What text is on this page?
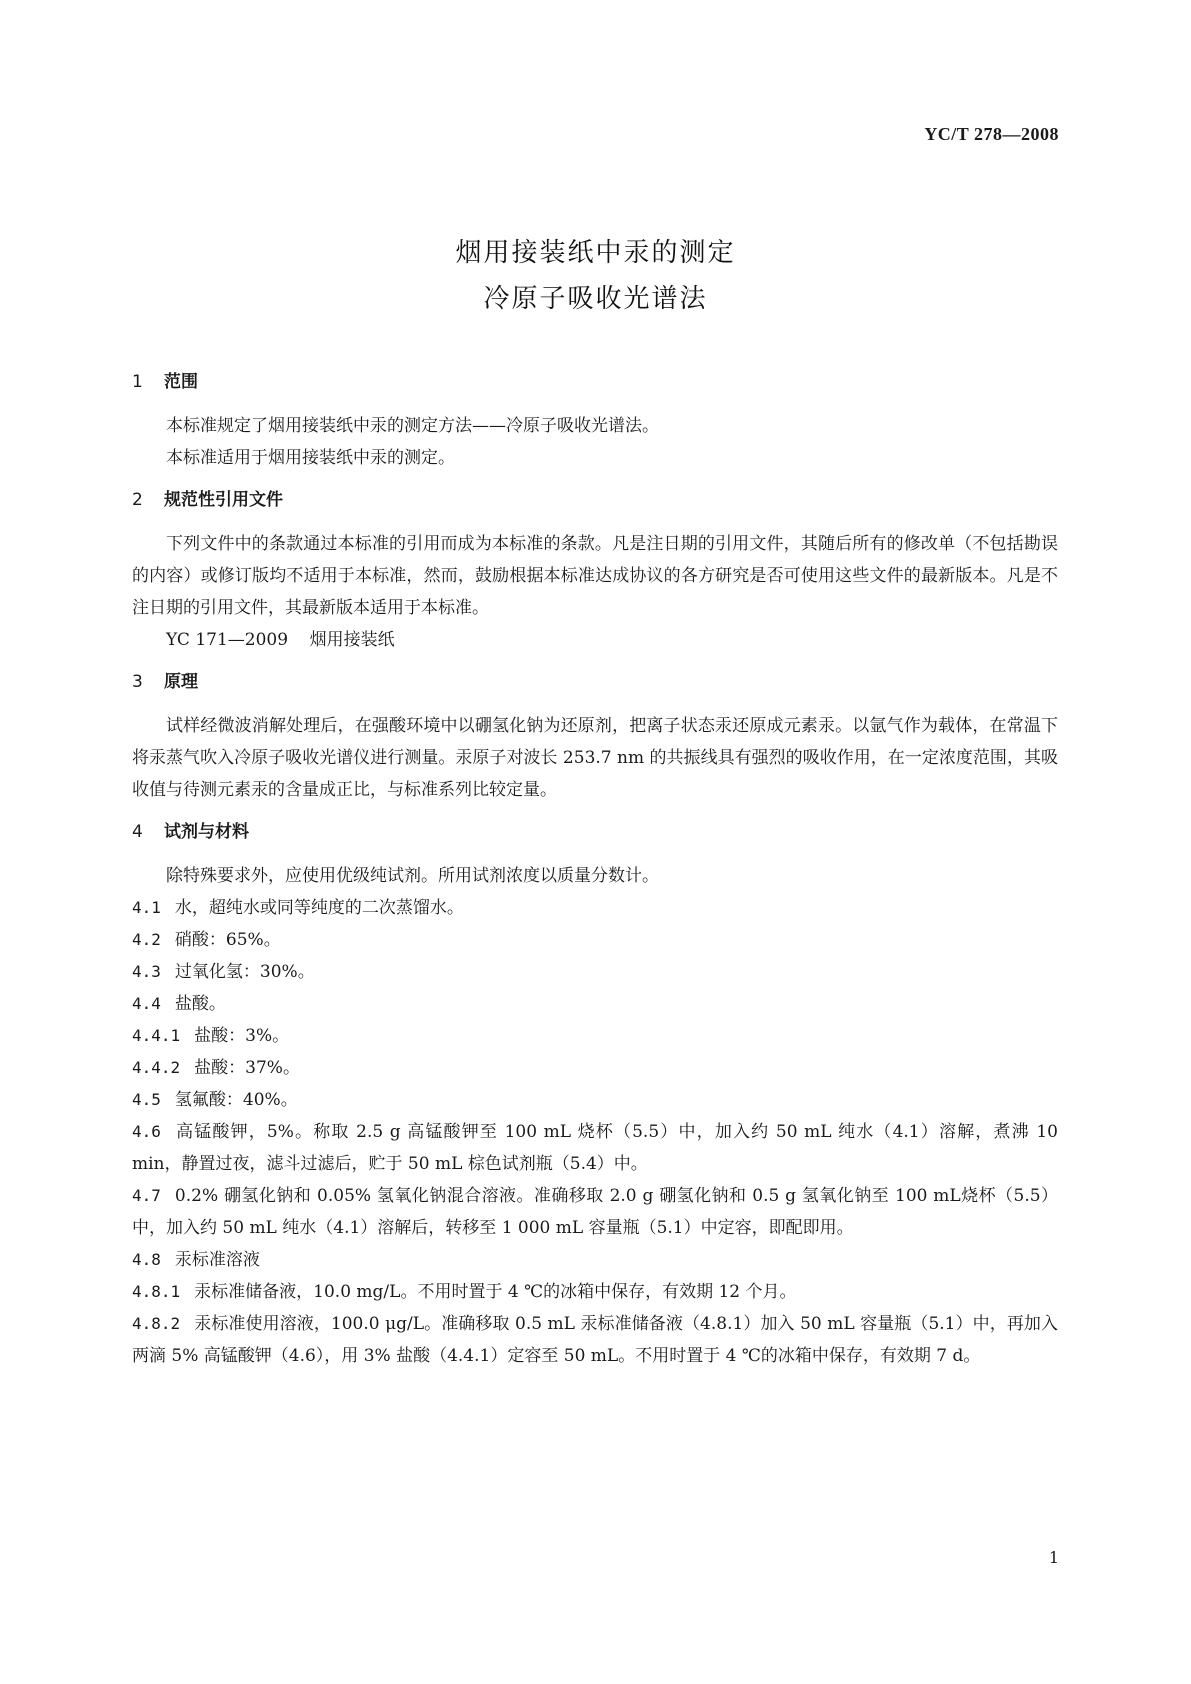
YC/T 278—2008
烟用接装纸中汞的测定
冷原子吸收光谱法
1 范围

本标准规定了烟用接装纸中汞的测定方法——冷原子吸收光谱法。

本标准适用于烟用接装纸中汞的测定。

2 规范性引用文件

下列文件中的条款通过本标准的引用而成为本标准的条款。凡是注日期的引用文件，其随后所有的修改单（不包括勘误的内容）或修订版均不适用于本标准，然而，鼓励根据本标准达成协议的各方研究是否可使用这些文件的最新版本。凡是不注日期的引用文件，其最新版本适用于本标准。

YC 171—2009    烟用接装纸
3 原理

试样经微波消解处理后，在强酸环境中以硼氢化钠为还原剂，把离子状态汞还原成元素汞。以氩气作为载体，在常温下将汞蒸气吹入冷原子吸收光谱仪进行测量。汞原子对波长 253.7 nm 的共振线具有强烈的吸收作用，在一定浓度范围，其吸收值与待测元素汞的含量成正比，与标准系列比较定量。

4 试剂与材料

除特殊要求外，应使用优级纯试剂。所用试剂浓度以质量分数计。

4.1 水，超纯水或同等纯度的二次蒸馏水。

4.2 硝酸：65%。

4.3 过氧化氢：30%。

4.4 盐酸。

4.4.1 盐酸：3%。

4.4.2 盐酸：37%。

4.5 氢氟酸：40%。

4.6 高锰酸钾，5%。称取 2.5 g 高锰酸钾至 100 mL 烧杯（5.5）中，加入约 50 mL 纯水（4.1）溶解，煮沸 10 min，静置过夜，滤斗过滤后，贮于 50 mL 棕色试剂瓶（5.4）中。

4.7 0.2% 硼氢化钠和 0.05% 氢氧化钠混合溶液。准确移取 2.0 g 硼氢化钠和 0.5 g 氢氧化钠至 100 mL烧杯（5.5）中，加入约 50 mL 纯水（4.1）溶解后，转移至 1 000 mL 容量瓶（5.1）中定容，即配即用。

4.8 汞标准溶液

4.8.1 汞标准储备液，10.0 mg/L。不用时置于 4 ℃的冰箱中保存，有效期 12 个月。

4.8.2 汞标准使用溶液，100.0 μg/L。准确移取 0.5 mL 汞标准储备液（4.8.1）加入 50 mL 容量瓶（5.1）中，再加入两滴 5% 高锰酸钾（4.6），用 3% 盐酸（4.4.1）定容至 50 mL。不用时置于 4 ℃的冰箱中保存，有效期 7 d。

1
